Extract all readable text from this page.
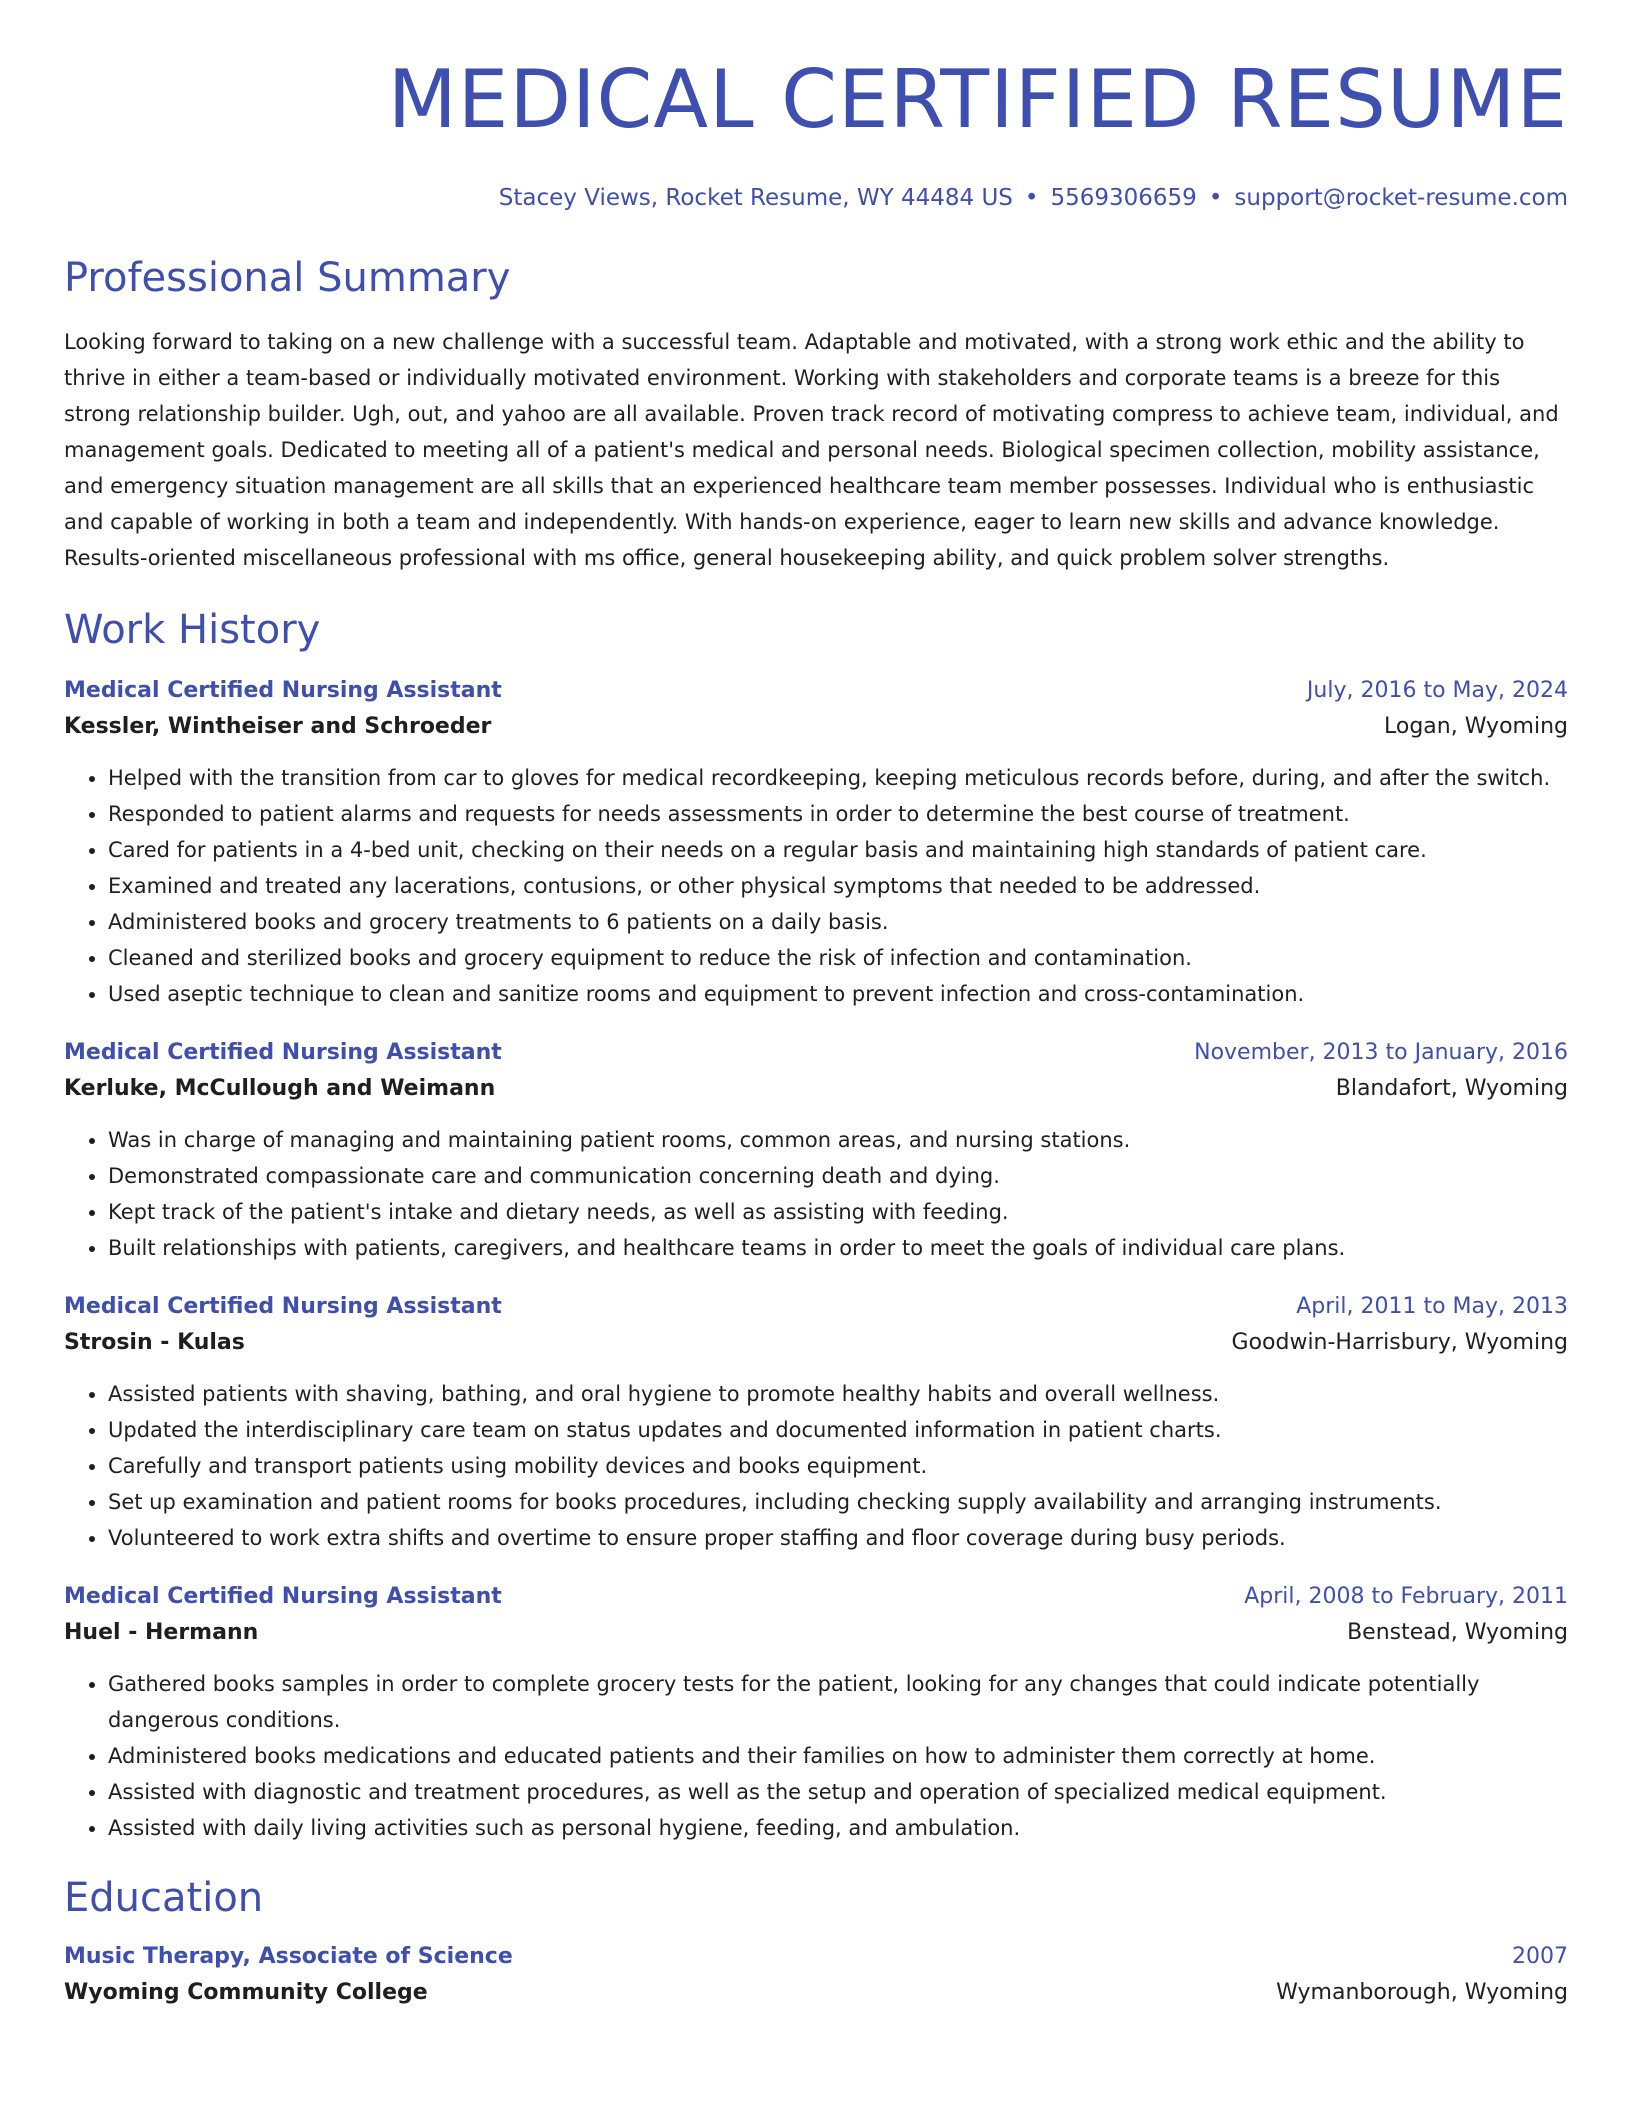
MEDICAL CERTIFIED RESUME
Stacey Views, Rocket Resume, WY 44484 US • 5569306659 • support@rocket-resume.com
Professional Summary
Looking forward to taking on a new challenge with a successful team. Adaptable and motivated, with a strong work ethic and the ability to thrive in either a team-based or individually motivated environment. Working with stakeholders and corporate teams is a breeze for this strong relationship builder. Ugh, out, and yahoo are all available. Proven track record of motivating compress to achieve team, individual, and management goals. Dedicated to meeting all of a patient's medical and personal needs. Biological specimen collection, mobility assistance, and emergency situation management are all skills that an experienced healthcare team member possesses. Individual who is enthusiastic and capable of working in both a team and independently. With hands-on experience, eager to learn new skills and advance knowledge. Results-oriented miscellaneous professional with ms office, general housekeeping ability, and quick problem solver strengths.
Work History
Medical Certified Nursing Assistant	July, 2016 to May, 2024
Kessler, Wintheiser and Schroeder	Logan, Wyoming
• Helped with the transition from car to gloves for medical recordkeeping, keeping meticulous records before, during, and after the switch.
• Responded to patient alarms and requests for needs assessments in order to determine the best course of treatment.
• Cared for patients in a 4-bed unit, checking on their needs on a regular basis and maintaining high standards of patient care.
• Examined and treated any lacerations, contusions, or other physical symptoms that needed to be addressed.
• Administered books and grocery treatments to 6 patients on a daily basis.
• Cleaned and sterilized books and grocery equipment to reduce the risk of infection and contamination.
• Used aseptic technique to clean and sanitize rooms and equipment to prevent infection and cross-contamination.
Medical Certified Nursing Assistant	November, 2013 to January, 2016
Kerluke, McCullough and Weimann	Blandafort, Wyoming
• Was in charge of managing and maintaining patient rooms, common areas, and nursing stations.
• Demonstrated compassionate care and communication concerning death and dying.
• Kept track of the patient's intake and dietary needs, as well as assisting with feeding.
• Built relationships with patients, caregivers, and healthcare teams in order to meet the goals of individual care plans.
Medical Certified Nursing Assistant	April, 2011 to May, 2013
Strosin - Kulas	Goodwin-Harrisbury, Wyoming
• Assisted patients with shaving, bathing, and oral hygiene to promote healthy habits and overall wellness.
• Updated the interdisciplinary care team on status updates and documented information in patient charts.
• Carefully and transport patients using mobility devices and books equipment.
• Set up examination and patient rooms for books procedures, including checking supply availability and arranging instruments.
• Volunteered to work extra shifts and overtime to ensure proper staffing and floor coverage during busy periods.
Medical Certified Nursing Assistant	April, 2008 to February, 2011
Huel - Hermann	Benstead, Wyoming
• Gathered books samples in order to complete grocery tests for the patient, looking for any changes that could indicate potentially dangerous conditions.
• Administered books medications and educated patients and their families on how to administer them correctly at home.
• Assisted with diagnostic and treatment procedures, as well as the setup and operation of specialized medical equipment.
• Assisted with daily living activities such as personal hygiene, feeding, and ambulation.
Education
Music Therapy, Associate of Science	2007
Wyoming Community College	Wymanborough, Wyoming
